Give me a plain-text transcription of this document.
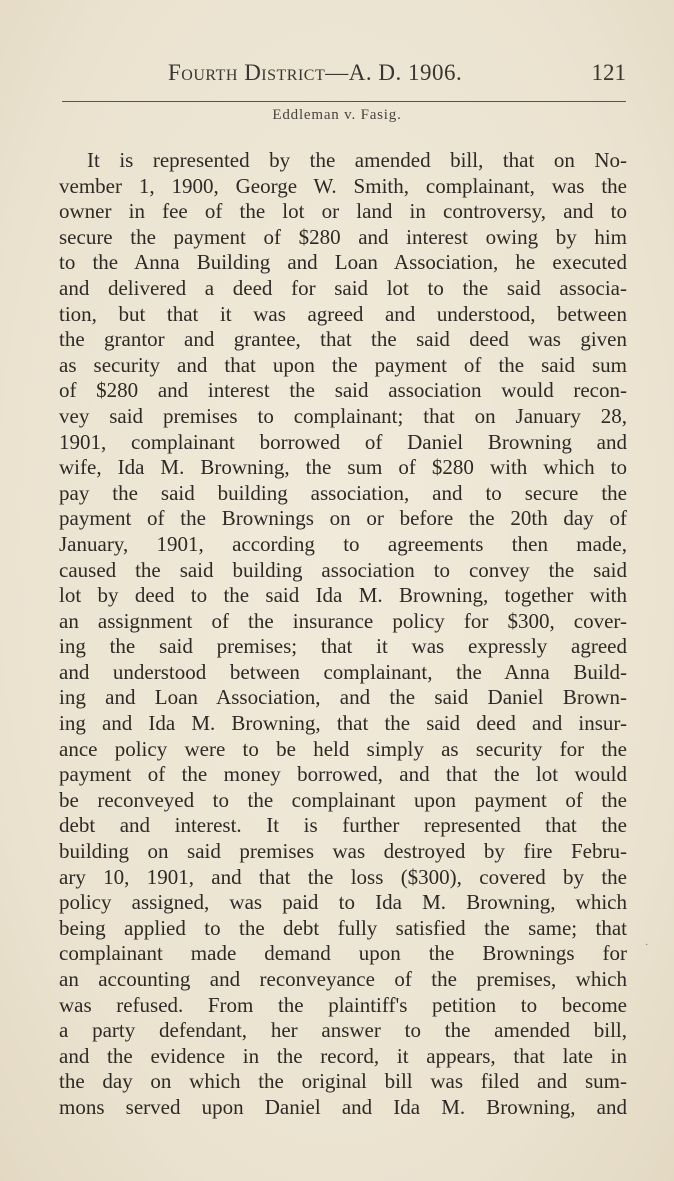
Fourth District—A. D. 1906.	121
Eddleman v. Fasig.
It is represented by the amended bill, that on No-
vember 1, 1900, George W. Smith, complainant, was the
owner in fee of the lot or land in controversy, and to
secure the payment of $280 and interest owing by him
to the Anna Building and Loan Association, he executed
and delivered a deed for said lot to the said associa-
tion, but that it was agreed and understood, between
the grantor and grantee, that the said deed was given
as security and that upon the payment of the said sum
of $280 and interest the said association would recon-
vey said premises to complainant; that on January 28,
1901, complainant borrowed of Daniel Browning and
wife, Ida M. Browning, the sum of $280 with which to
pay the said building association, and to secure the
payment of the Brownings on or before the 20th day of
January, 1901, according to agreements then made,
caused the said building association to convey the said
lot by deed to the said Ida M. Browning, together with
an assignment of the insurance policy for $300, cover-
ing the said premises; that it was expressly agreed
and understood between complainant, the Anna Build-
ing and Loan Association, and the said Daniel Brown-
ing and Ida M. Browning, that the said deed and insur-
ance policy were to be held simply as security for the
payment of the money borrowed, and that the lot would
be reconveyed to the complainant upon payment of the
debt and interest. It is further represented that the
building on said premises was destroyed by fire Febru-
ary 10, 1901, and that the loss ($300), covered by the
policy assigned, was paid to Ida M. Browning, which
being applied to the debt fully satisfied the same; that
complainant made demand upon the Brownings for
an accounting and reconveyance of the premises, which
was refused. From the plaintiff's petition to become
a party defendant, her answer to the amended bill,
and the evidence in the record, it appears, that late in
the day on which the original bill was filed and sum-
mons served upon Daniel and Ida M. Browning, and
˯
